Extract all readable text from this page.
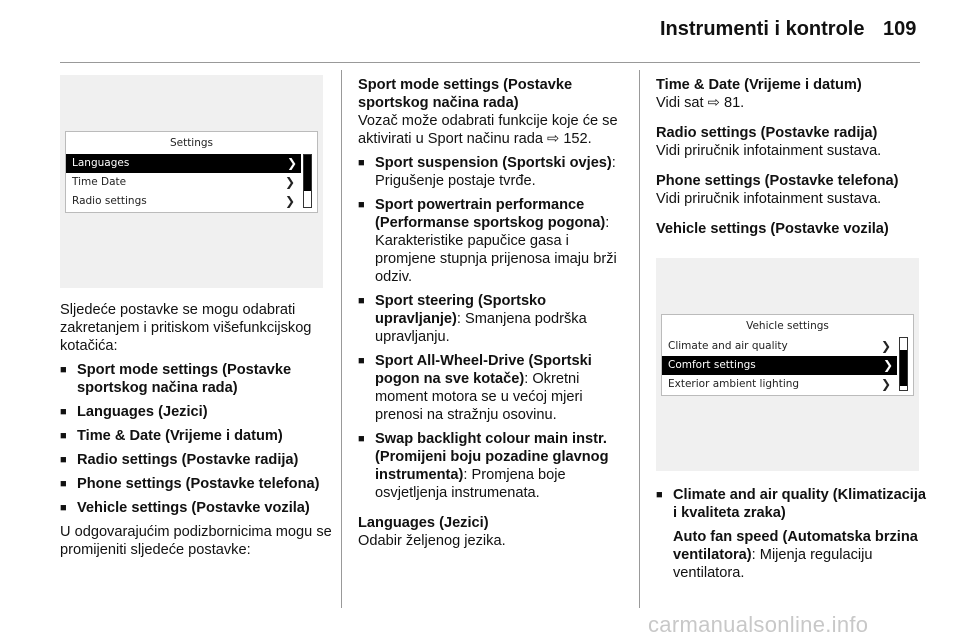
Instrumenti i kontrole 109
Settings
Languages	❯
Time Date	❯
Radio settings	❯

Sljedeće postavke se mogu odabrati zakretanjem i pritiskom višefunkcijskog kotačića:

■ Sport mode settings (Postavke sportskog načina rada)
■ Languages (Jezici)
■ Time & Date (Vrijeme i datum)
■ Radio settings (Postavke radija)
■ Phone settings (Postavke telefona)
■ Vehicle settings (Postavke vozila)

U odgovarajućim podizbornicima mogu se promijeniti sljedeće postavke:

Sport mode settings (Postavke sportskog načina rada)

Vozač može odabrati funkcije koje će se aktivirati u Sport načinu rada ⇨ 152.

■ Sport suspension (Sportski ovjes): Prigušenje postaje tvrđe.
■ Sport powertrain performance (Performanse sportskog pogona): Karakteristike papučice gasa i promjene stupnja prijenosa imaju brži odziv.
■ Sport steering (Sportsko upravljanje): Smanjena podrška upravljanju.
■ Sport All-Wheel-Drive (Sportski pogon na sve kotače): Okretni moment motora se u većoj mjeri prenosi na stražnju osovinu.
■ Swap backlight colour main instr. (Promijeni boju pozadine glavnog instrumenta): Promjena boje osvjetljenja instrumenata.

Languages (Jezici)

Odabir željenog jezika.

Time & Date (Vrijeme i datum)

Vidi sat ⇨ 81.

Radio settings (Postavke radija)

Vidi priručnik infotainment sustava.

Phone settings (Postavke telefona)

Vidi priručnik infotainment sustava.

Vehicle settings (Postavke vozila)

Vehicle settings
Climate and air quality	❯
Comfort settings	❯
Exterior ambient lighting	❯
■ Climate and air quality (Klimatizacija i kvaliteta zraka)
Auto fan speed (Automatska brzina ventilatora): Mijenja regulaciju ventilatora.
carmanualsonline.info
